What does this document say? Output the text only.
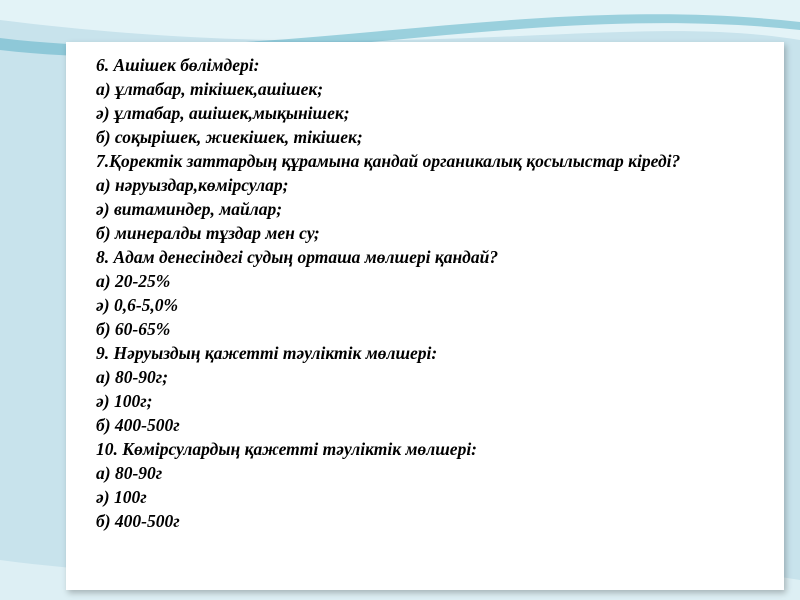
6. Ашішек бөлімдері:
а) ұлтабар, тікішек,ашішек;
ә) ұлтабар, ашішек,мықынішек;
б) соқырішек, жиекішек, тікішек;
7.Қоректік заттардың құрамына қандай органикалық қосылыстар кіреді?
а) нәруыздар,көмірсулар;
ә) витаминдер, майлар;
б) минералды тұздар мен су;
8. Адам денесіндегі судың орташа мөлшері қандай?
а) 20-25%
ә) 0,6-5,0%
б) 60-65%
9. Нәруыздың қажетті тәуліктік мөлшері:
а) 80-90г;
ә) 100г;
б) 400-500г
10. Көмірсулардың қажетті тәуліктік мөлшері:
а) 80-90г
ә) 100г
б) 400-500г
